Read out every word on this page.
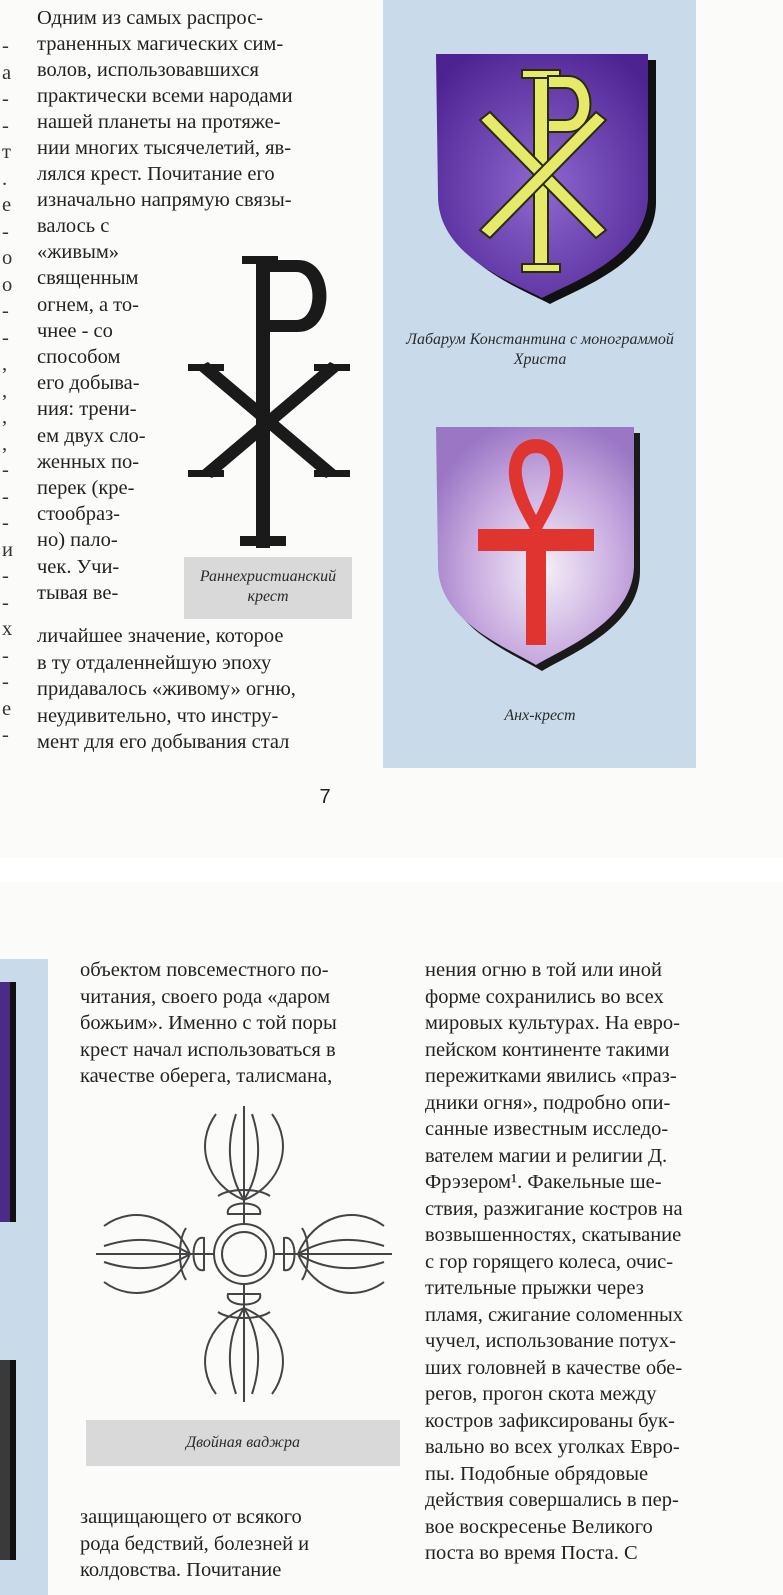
-
а
-
-
т
.
е
-
о
о
-
-
,
,
,
,
-
-
-
и
-
-
х
-
-
е
-
Одним из самых распрос-
траненных магических сим-
волов, использовавшихся
практически всеми народами
нашей планеты на протяже-
нии многих тысячелетий, яв-
лялся крест. Почитание его
изначально напрямую связы-
валось с
«живым»
священным
огнем, а то-
чнее - со
способом
его добыва-
ния: трени-
ем двух сло-
женных по-
перек (кре-
стообраз-
но) пало-
чек. Учи-
тывая ве-
личайшее значение, которое
в ту отдаленнейшую эпоху
придавалось «живому» огню,
неудивительно, что инстру-
мент для его добывания стал
Раннехристианский крест
Лабарум Константина с монограммой Христа
Анх-крест
7
объектом повсеместного по-
читания, своего рода «даром
божьим». Именно с той поры
крест начал использоваться в
качестве оберега, талисмана,
Двойная ваджра
защищающего от всякого
рода бедствий, болезней и
колдовства. Почитание
нения огню в той или иной
форме сохранились во всех
мировых культурах. На евро-
пейском континенте такими
пережитками явились «праз-
дники огня», подробно опи-
санные известным исследо-
вателем магии и религии Д.
Фрэзером¹. Факельные ше-
ствия, разжигание костров на
возвышенностях, скатывание
с гор горящего колеса, очис-
тительные прыжки через
пламя, сжигание соломенных
чучел, использование потух-
ших головней в качестве обе-
регов, прогон скота между
костров зафиксированы бук-
вально во всех уголках Евро-
пы. Подобные обрядовые
действия совершались в пер-
вое воскресенье Великого
поста во время Поста. С
